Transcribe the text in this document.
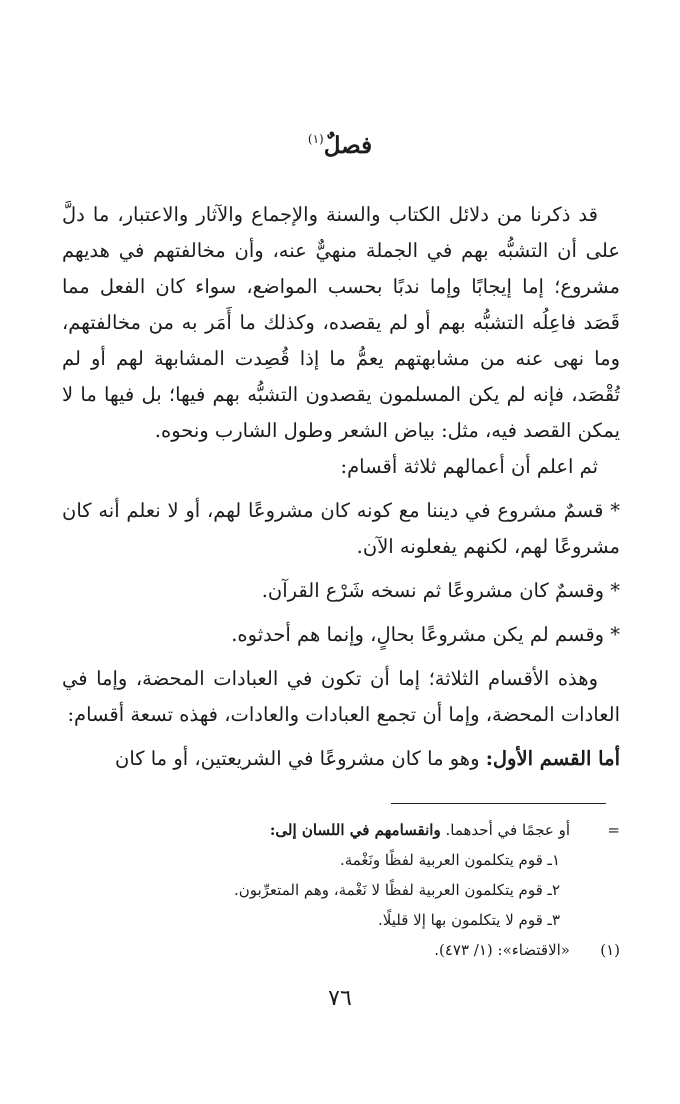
فصلٌ$^{(١)}$

قد ذكرنا من دلائل الكتاب والسنة والإجماع والآثار والاعتبار، ما دلَّ على أن التشبُّه بهم في الجملة منهيٌّ عنه، وأن مخالفتهم في هديهم مشروع؛ إما إيجابًا وإما ندبًا بحسب المواضع، سواء كان الفعل مما قَصَد فاعِلُه التشبُّه بهم أو لم يقصده، وكذلك ما أَمَر به من مخالفتهم، وما نهى عنه من مشابهتهم يعمُّ ما إذا قُصِدت المشابهة لهم أو لم تُقْصَد، فإنه لم يكن المسلمون يقصدون التشبُّه بهم فيها؛ بل فيها ما لا يمكن القصد فيه، مثل: بياض الشعر وطول الشارب ونحوه.

ثم اعلم أن أعمالهم ثلاثة أقسام:

* قسمٌ مشروع في ديننا مع كونه كان مشروعًا لهم، أو لا نعلم أنه كان مشروعًا لهم، لكنهم يفعلونه الآن.

* وقسمٌ كان مشروعًا ثم نسخه شَرْع القرآن.

* وقسم لم يكن مشروعًا بحالٍ، وإنما هم أحدثوه.

وهذه الأقسام الثلاثة؛ إما أن تكون في العبادات المحضة، وإما في العادات المحضة، وإما أن تجمع العبادات والعادات، فهذه تسعة أقسام:

أما القسم الأول: وهو ما كان مشروعًا في الشريعتين، أو ما كان

=
أو عجمًا في أحدهما. وانقسامهم في اللسان إلى:
١ـ قوم يتكلمون العربية لفظًا ونَغْمة.
٢ـ قوم يتكلمون العربية لفظًا لا نَغْمة، وهم المتعرِّبون.
٣ـ قوم لا يتكلمون بها إلا قليلًا.
(١)
«الاقتضاء»: (١/ ٤٧٣).
٧٦
